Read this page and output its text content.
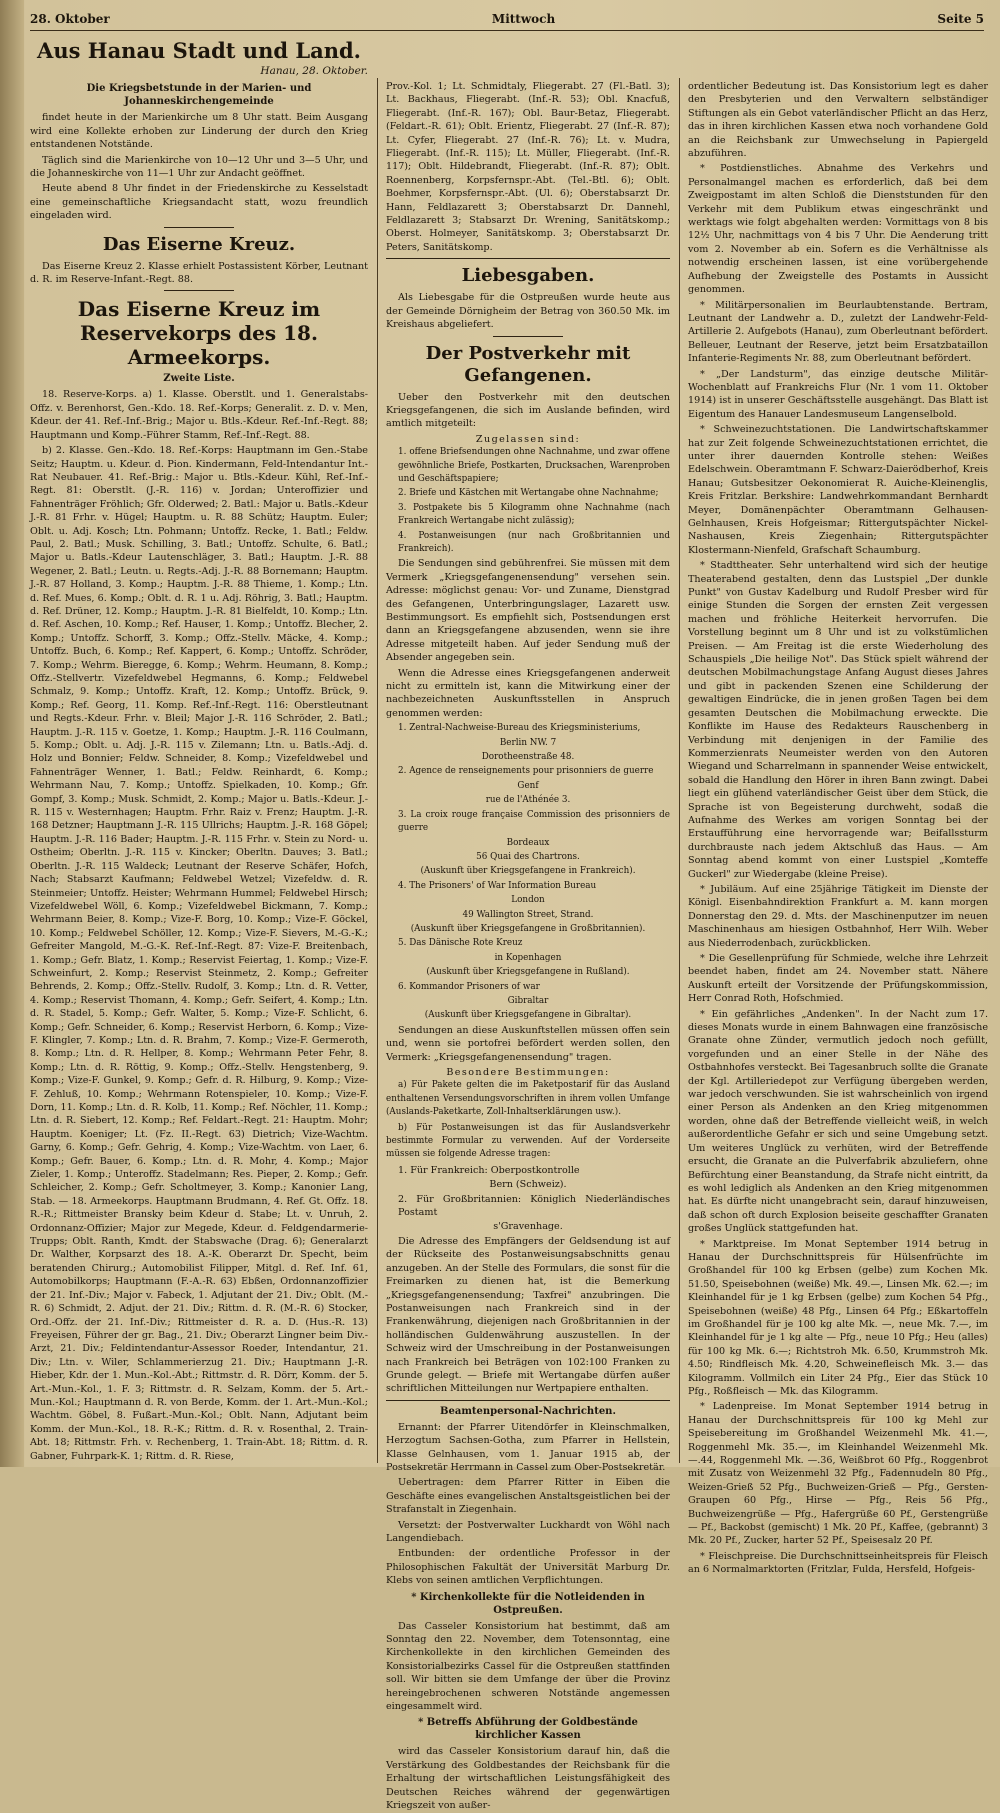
28. Oktober	Mittwoch	Seite 5
Aus Hanau Stadt und Land.
Hanau, 28. Oktober.
Die Kriegsbetstunde in der Marien- und Johanneskirchengemeinde

findet heute in der Marienkirche um 8 Uhr statt. Beim Ausgang wird eine Kollekte erhoben zur Linderung der durch den Krieg entstandenen Notstände.

Täglich sind die Marienkirche von 10—12 Uhr und 3—5 Uhr, und die Johanneskirche von 11—1 Uhr zur Andacht geöffnet.

Heute abend 8 Uhr findet in der Friedenskirche zu Kesselstadt eine gemeinschaftliche Kriegsandacht statt, wozu freundlich eingeladen wird.

Das Eiserne Kreuz.

Das Eiserne Kreuz 2. Klasse erhielt Postassistent Körber, Leutnant d. R. im Reserve-Infant.-Regt. 88.

Das Eiserne Kreuz im Reservekorps des 18. Armeekorps.
Zweite Liste.

18. Reserve-Korps. a) 1. Klasse. Oberstlt. und 1. Generalstabs-Offz. v. Berenhorst, Gen.-Kdo. 18. Ref.-Korps; Generalit. z. D. v. Men, Kdeur. der 41. Ref.-Inf.-Brig.; Major u. Btls.-Kdeur. Ref.-Inf.-Regt. 88; Hauptmann und Komp.-Führer Stamm, Ref.-Inf.-Regt. 88.

b) 2. Klasse. Gen.-Kdo. 18. Ref.-Korps: Hauptmann im Gen.-Stabe Seitz; Hauptm. u. Kdeur. d. Pion. Kindermann, Feld-Intendantur Int.-Rat Neubauer. 41. Ref.-Brig.: Major u. Btls.-Kdeur. Kühl, Ref.-Inf.-Regt. 81: Oberstlt. (J.-R. 116) v. Jordan; Unteroffizier und Fahnenträger Fröhlich; Gfr. Olderwed; 2. Batl.: Major u. Batls.-Kdeur J.-R. 81 Frhr. v. Hügel; Hauptm. u. R. 88 Schütz; Hauptm. Euler; Oblt. u. Adj. Kosch; Ltn. Pohmann; Untoffz. Recke, 1. Batl.; Feldw. Paul, 2. Batl.; Musk. Schilling, 3. Batl.; Untoffz. Schulte, 6. Batl.; Major u. Batls.-Kdeur Lautenschläger, 3. Batl.; Hauptm. J.-R. 88 Wegener, 2. Batl.; Leutn. u. Regts.-Adj. J.-R. 88 Bornemann; Hauptm. J.-R. 87 Holland, 3. Komp.; Hauptm. J.-R. 88 Thieme, 1. Komp.; Ltn. d. Ref. Mues, 6. Komp.; Oblt. d. R. 1 u. Adj. Röhrig, 3. Batl.; Hauptm. d. Ref. Drüner, 12. Komp.; Hauptm. J.-R. 81 Bielfeldt, 10. Komp.; Ltn. d. Ref. Aschen, 10. Komp.; Ref. Hauser, 1. Komp.; Untoffz. Blecher, 2. Komp.; Untoffz. Schorff, 3. Komp.; Offz.-Stellv. Mäcke, 4. Komp.; Untoffz. Buch, 6. Komp.; Ref. Kappert, 6. Komp.; Untoffz. Schröder, 7. Komp.; Wehrm. Bieregge, 6. Komp.; Wehrm. Heumann, 8. Komp.; Offz.-Stellvertr. Vizefeldwebel Hegmanns, 6. Komp.; Feldwebel Schmalz, 9. Komp.; Untoffz. Kraft, 12. Komp.; Untoffz. Brück, 9. Komp.; Ref. Georg, 11. Komp. Ref.-Inf.-Regt. 116: Oberstleutnant und Regts.-Kdeur. Frhr. v. Bleil; Major J.-R. 116 Schröder, 2. Batl.; Hauptm. J.-R. 115 v. Goetze, 1. Komp.; Hauptm. J.-R. 116 Coulmann, 5. Komp.; Oblt. u. Adj. J.-R. 115 v. Zilemann; Ltn. u. Batls.-Adj. d. Holz und Bonnier; Feldw. Schneider, 8. Komp.; Vizefeldwebel und Fahnenträger Wenner, 1. Batl.; Feldw. Reinhardt, 6. Komp.; Wehrmann Nau, 7. Komp.; Untoffz. Spielkaden, 10. Komp.; Gfr. Gompf, 3. Komp.; Musk. Schmidt, 2. Komp.; Major u. Batls.-Kdeur. J.-R. 115 v. Westernhagen; Hauptm. Frhr. Raiz v. Frenz; Hauptm. J.-R. 168 Detzner; Hauptmann J.-R. 115 Ullrichs; Hauptm. J.-R. 168 Göpel; Hauptm. J.-R. 116 Bader; Hauptm. J.-R. 115 Frhr. v. Stein zu Nord- u. Ostheim; Oberltn. J.-R. 115 v. Kincker; Oberltn. Dauves; 3. Batl.; Oberltn. J.-R. 115 Waldeck; Leutnant der Reserve Schäfer, Hofch, Nach; Stabsarzt Kaufmann; Feldwebel Wetzel; Vizefeldw. d. R. Steinmeier; Untoffz. Heister; Wehrmann Hummel; Feldwebel Hirsch; Vizefeldwebel Wöll, 6. Komp.; Vizefeldwebel Bickmann, 7. Komp.; Wehrmann Beier, 8. Komp.; Vize-F. Borg, 10. Komp.; Vize-F. Göckel, 10. Komp.; Feldwebel Schöller, 12. Komp.; Vize-F. Sievers, M.-G.-K.; Gefreiter Mangold, M.-G.-K. Ref.-Inf.-Regt. 87: Vize-F. Breitenbach, 1. Komp.; Gefr. Blatz, 1. Komp.; Reservist Feiertag, 1. Komp.; Vize-F. Schweinfurt, 2. Komp.; Reservist Steinmetz, 2. Komp.; Gefreiter Behrends, 2. Komp.; Offz.-Stellv. Rudolf, 3. Komp.; Ltn. d. R. Vetter, 4. Komp.; Reservist Thomann, 4. Komp.; Gefr. Seifert, 4. Komp.; Ltn. d. R. Stadel, 5. Komp.; Gefr. Walter, 5. Komp.; Vize-F. Schlicht, 6. Komp.; Gefr. Schneider, 6. Komp.; Reservist Herborn, 6. Komp.; Vize-F. Klingler, 7. Komp.; Ltn. d. R. Brahm, 7. Komp.; Vize-F. Germeroth, 8. Komp.; Ltn. d. R. Hellper, 8. Komp.; Wehrmann Peter Fehr, 8. Komp.; Ltn. d. R. Röttig, 9. Komp.; Offz.-Stellv. Hengstenberg, 9. Komp.; Vize-F. Gunkel, 9. Komp.; Gefr. d. R. Hilburg, 9. Komp.; Vize-F. Zehluß, 10. Komp.; Wehrmann Rotenspieler, 10. Komp.; Vize-F. Dorn, 11. Komp.; Ltn. d. R. Kolb, 11. Komp.; Ref. Nöchler, 11. Komp.; Ltn. d. R. Siebert, 12. Komp.; Ref. Feldart.-Regt. 21: Hauptm. Mohr; Hauptm. Koeniger; Lt. (Fz. II.-Regt. 63) Dietrich; Vize-Wachtm. Garny, 6. Komp.; Gefr. Gehrig, 4. Komp.; Vize-Wachtm. von Laer, 6. Komp.; Gefr. Bauer, 6. Komp.; Ltn. d. R. Mohr, 4. Komp.; Major Zieler, 1. Komp.; Unteroffz. Stadelmann; Res. Pieper, 2. Komp.; Gefr. Schleicher, 2. Komp.; Gefr. Scholtmeyer, 3. Komp.; Kanonier Lang, Stab. — 18. Armeekorps. Hauptmann Brudmann, 4. Ref. Gt. Offz. 18. R.-R.; Rittmeister Bransky beim Kdeur d. Stabe; Lt. v. Unruh, 2. Ordonnanz-Offizier; Major zur Megede, Kdeur. d. Feldgendarmerie-Trupps; Oblt. Ranth, Kmdt. der Stabswache (Drag. 6); Generalarzt Dr. Walther, Korpsarzt des 18. A.-K. Oberarzt Dr. Specht, beim beratenden Chirurg.; Automobilist Filipper, Mitgl. d. Ref. Inf. 61, Automobilkorps; Hauptmann (F.-A.-R. 63) Ebßen, Ordonnanzoffizier der 21. Inf.-Div.; Major v. Fabeck, 1. Adjutant der 21. Div.; Oblt. (M.-R. 6) Schmidt, 2. Adjut. der 21. Div.; Rittm. d. R. (M.-R. 6) Stocker, Ord.-Offz. der 21. Inf.-Div.; Rittmeister d. R. a. D. (Hus.-R. 13) Freyeisen, Führer der gr. Bag., 21. Div.; Oberarzt Lingner beim Div.-Arzt, 21. Div.; Feldintendantur-Assessor Roeder, Intendantur, 21. Div.; Ltn. v. Wiler, Schlammerierzug 21. Div.; Hauptmann J.-R. Hieber, Kdr. der 1. Mun.-Kol.-Abt.; Rittmstr. d. R. Dörr, Komm. der 5. Art.-Mun.-Kol., 1. F. 3; Rittmstr. d. R. Selzam, Komm. der 5. Art.-Mun.-Kol.; Hauptmann d. R. von Berde, Komm. der 1. Art.-Mun.-Kol.; Wachtm. Göbel, 8. Fußart.-Mun.-Kol.; Oblt. Nann, Adjutant beim Komm. der Mun.-Kol., 18. R.-K.; Rittm. d. R. v. Rosenthal, 2. Train-Abt. 18; Rittmstr. Frh. v. Rechenberg, 1. Train-Abt. 18; Rittm. d. R. Gabner, Fuhrpark-K. 1; Rittm. d. R. Riese,

Prov.-Kol. 1; Lt. Schmidtaly, Fliegerabt. 27 (Fl.-Batl. 3); Lt. Backhaus, Fliegerabt. (Inf.-R. 53); Obl. Knacfuß, Fliegerabt. (Inf.-R. 167); Obl. Baur-Betaz, Fliegerabt. (Feldart.-R. 61); Oblt. Erientz, Fliegerabt. 27 (Inf.-R. 87); Lt. Cyfer, Fliegerabt. 27 (Inf.-R. 76); Lt. v. Mudra, Fliegerabt. (Inf.-R. 115); Lt. Müller, Fliegerabt. (Inf.-R. 117); Oblt. Hildebrandt, Fliegerabt. (Inf.-R. 87); Oblt. Roennenberg, Korpsfernspr.-Abt. (Tel.-Btl. 6); Oblt. Boehmer, Korpsfernspr.-Abt. (Ul. 6); Oberstabsarzt Dr. Hann, Feldlazarett 3; Oberstabsarzt Dr. Dannehl, Feldlazarett 3; Stabsarzt Dr. Wrening, Sanitätskomp.; Oberst. Holmeyer, Sanitätskomp. 3; Oberstabsarzt Dr. Peters, Sanitätskomp.

Liebesgaben.

Als Liebesgabe für die Ostpreußen wurde heute aus der Gemeinde Dörnigheim der Betrag von 360.50 Mk. im Kreishaus abgeliefert.

Der Postverkehr mit Gefangenen.

Ueber den Postverkehr mit den deutschen Kriegsgefangenen, die sich im Auslande befinden, wird amtlich mitgeteilt:

Zugelassen sind:

1. offene Briefsendungen ohne Nachnahme, und zwar offene gewöhnliche Briefe, Postkarten, Drucksachen, Warenproben und Geschäftspapiere;

2. Briefe und Kästchen mit Wertangabe ohne Nachnahme;

3. Postpakete bis 5 Kilogramm ohne Nachnahme (nach Frankreich Wertangabe nicht zulässig);

4. Postanweisungen (nur nach Großbritannien und Frankreich).

Die Sendungen sind gebührenfrei. Sie müssen mit dem Vermerk „Kriegsgefangenensendung" versehen sein. Adresse: möglichst genau: Vor- und Zuname, Dienstgrad des Gefangenen, Unterbringungslager, Lazarett usw. Bestimmungsort. Es empfiehlt sich, Postsendungen erst dann an Kriegsgefangene abzusenden, wenn sie ihre Adresse mitgeteilt haben. Auf jeder Sendung muß der Absender angegeben sein.

Wenn die Adresse eines Kriegsgefangenen anderweit nicht zu ermitteln ist, kann die Mitwirkung einer der nachbezeichneten Auskunftsstellen in Anspruch genommen werden:

1. Zentral-Nachweise-Bureau des Kriegsministeriums,

Berlin NW. 7

Dorotheenstraße 48.

2. Agence de renseignements pour prisonniers de guerre

Genf

rue de l'Athénée 3.

3. La croix rouge française Commission des prisonniers de guerre

Bordeaux

56 Quai des Chartrons.

(Auskunft über Kriegsgefangene in Frankreich).

4. The Prisoners' of War Information Bureau

London

49 Wallington Street, Strand.

(Auskunft über Kriegsgefangene in Großbritannien).

5. Das Dänische Rote Kreuz

in Kopenhagen

(Auskunft über Kriegsgefangene in Rußland).

6. Kommandor Prisoners of war

Gibraltar

(Auskunft über Kriegsgefangene in Gibraltar).

Sendungen an diese Auskunftstellen müssen offen sein und, wenn sie portofrei befördert werden sollen, den Vermerk: „Kriegsgefangenensendung" tragen.

Besondere Bestimmungen:

a) Für Pakete gelten die im Paketpostarif für das Ausland enthaltenen Versendungsvorschriften in ihrem vollen Umfange (Auslands-Paketkarte, Zoll-Inhaltserklärungen usw.).

b) Für Postanweisungen ist das für Auslandsverkehr bestimmte Formular zu verwenden. Auf der Vorderseite müssen sie folgende Adresse tragen:

1. Für Frankreich: Oberpostkontrolle

Bern (Schweiz).

2. Für Großbritannien: Königlich Niederländisches Postamt

s'Gravenhage.

Die Adresse des Empfängers der Geldsendung ist auf der Rückseite des Postanweisungsabschnitts genau anzugeben. An der Stelle des Formulars, die sonst für die Freimarken zu dienen hat, ist die Bemerkung „Kriegsgefangenensendung; Taxfrei" anzubringen. Die Postanweisungen nach Frankreich sind in der Frankenwährung, diejenigen nach Großbritannien in der holländischen Guldenwährung auszustellen. In der Schweiz wird der Umschreibung in der Postanweisungen nach Frankreich bei Beträgen von 102:100 Franken zu Grunde gelegt. — Briefe mit Wertangabe dürfen außer schriftlichen Mitteilungen nur Wertpapiere enthalten.

Beamtenpersonal-Nachrichten.

Ernannt: der Pfarrer Uitendörfer in Kleinschmalken, Herzogtum Sachsen-Gotha, zum Pfarrer in Hellstein, Klasse Gelnhausen, vom 1. Januar 1915 ab, der Postsekretär Herrmann in Cassel zum Ober-Postsekretär.

Uebertragen: dem Pfarrer Ritter in Eiben die Geschäfte eines evangelischen Anstaltsgeistlichen bei der Strafanstalt in Ziegenhain.

Versetzt: der Postverwalter Luckhardt von Wöhl nach Langendiebach.

Entbunden: der ordentliche Professor in der Philosophischen Fakultät der Universität Marburg Dr. Klebs von seinen amtlichen Verpflichtungen.

* Kirchenkollekte für die Notleidenden in Ostpreußen.

Das Casseler Konsistorium hat bestimmt, daß am Sonntag den 22. November, dem Totensonntag, eine Kirchenkollekte in den kirchlichen Gemeinden des Konsistorialbezirks Cassel für die Ostpreußen stattfinden soll. Wir bitten sie dem Umfange der über die Provinz hereingebrochenen schweren Notstände angemessen eingesammelt wird.

* Betreffs Abführung der Goldbestände kirchlicher Kassen

wird das Casseler Konsistorium darauf hin, daß die Verstärkung des Goldbestandes der Reichsbank für die Erhaltung der wirtschaftlichen Leistungsfähigkeit des Deutschen Reiches während der gegenwärtigen Kriegszeit von außer-

ordentlicher Bedeutung ist. Das Konsistorium legt es daher den Presbyterien und den Verwaltern selbständiger Stiftungen als ein Gebot vaterländischer Pflicht an das Herz, das in ihren kirchlichen Kassen etwa noch vorhandene Gold an die Reichsbank zur Umwechselung in Papiergeld abzuführen.

* Postdienstliches. Abnahme des Verkehrs und Personalmangel machen es erforderlich, daß bei dem Zweigpostamt im alten Schloß die Dienststunden für den Verkehr mit dem Publikum etwas eingeschränkt und werktags wie folgt abgehalten werden: Vormittags von 8 bis 12½ Uhr, nachmittags von 4 bis 7 Uhr. Die Aenderung tritt vom 2. November ab ein. Sofern es die Verhältnisse als notwendig erscheinen lassen, ist eine vorübergehende Aufhebung der Zweigstelle des Postamts in Aussicht genommen.

* Militärpersonalien im Beurlaubtenstande. Bertram, Leutnant der Landwehr a. D., zuletzt der Landwehr-Feld-Artillerie 2. Aufgebots (Hanau), zum Oberleutnant befördert. Belleuer, Leutnant der Reserve, jetzt beim Ersatzbataillon Infanterie-Regiments Nr. 88, zum Oberleutnant befördert.

* „Der Landsturm", das einzige deutsche Militär-Wochenblatt auf Frankreichs Flur (Nr. 1 vom 11. Oktober 1914) ist in unserer Geschäftsstelle ausgehängt. Das Blatt ist Eigentum des Hanauer Landesmuseum Langenselbold.

* Schweinezuchtstationen. Die Landwirtschaftskammer hat zur Zeit folgende Schweinezuchtstationen errichtet, die unter ihrer dauernden Kontrolle stehen: Weißes Edelschwein. Oberamtmann F. Schwarz-Daierödberhof, Kreis Hanau; Gutsbesitzer Oekonomierat R. Auiche-Kleinenglis, Kreis Fritzlar. Berkshire: Landwehrkommandant Bernhardt Meyer, Domänenpächter Oberamtmann Gelhausen-Gelnhausen, Kreis Hofgeismar; Rittergutspächter Nickel-Nashausen, Kreis Ziegenhain; Rittergutspächter Klostermann-Nienfeld, Grafschaft Schaumburg.

* Stadttheater. Sehr unterhaltend wird sich der heutige Theaterabend gestalten, denn das Lustspiel „Der dunkle Punkt" von Gustav Kadelburg und Rudolf Presber wird für einige Stunden die Sorgen der ernsten Zeit vergessen machen und fröhliche Heiterkeit hervorrufen. Die Vorstellung beginnt um 8 Uhr und ist zu volkstümlichen Preisen. — Am Freitag ist die erste Wiederholung des Schauspiels „Die heilige Not". Das Stück spielt während der deutschen Mobilmachungstage Anfang August dieses Jahres und gibt in packenden Szenen eine Schilderung der gewaltigen Eindrücke, die in jenen großen Tagen bei dem gesamten Deutschen die Mobilmachung erweckte. Die Konflikte im Hause des Redakteurs Rauschenberg in Verbindung mit denjenigen in der Familie des Kommerzienrats Neumeister werden von den Autoren Wiegand und Scharrelmann in spannender Weise entwickelt, sobald die Handlung den Hörer in ihren Bann zwingt. Dabei liegt ein glühend vaterländischer Geist über dem Stück, die Sprache ist von Begeisterung durchweht, sodaß die Aufnahme des Werkes am vorigen Sonntag bei der Erstaufführung eine hervorragende war; Beifallssturm durchbrauste nach jedem Aktschluß das Haus. — Am Sonntag abend kommt von einer Lustspiel „Komteffe Guckerl" zur Wiedergabe (kleine Preise).

* Jubiläum. Auf eine 25jährige Tätigkeit im Dienste der Königl. Eisenbahndirektion Frankfurt a. M. kann morgen Donnerstag den 29. d. Mts. der Maschinenputzer im neuen Maschinenhaus am hiesigen Ostbahnhof, Herr Wilh. Weber aus Niederrodenbach, zurückblicken.

* Die Gesellenprüfung für Schmiede, welche ihre Lehrzeit beendet haben, findet am 24. November statt. Nähere Auskunft erteilt der Vorsitzende der Prüfungskommission, Herr Conrad Roth, Hofschmied.

* Ein gefährliches „Andenken". In der Nacht zum 17. dieses Monats wurde in einem Bahnwagen eine französische Granate ohne Zünder, vermutlich jedoch noch gefüllt, vorgefunden und an einer Stelle in der Nähe des Ostbahnhofes versteckt. Bei Tagesanbruch sollte die Granate der Kgl. Artilleriedepot zur Verfügung übergeben werden, war jedoch verschwunden. Sie ist wahrscheinlich von irgend einer Person als Andenken an den Krieg mitgenommen worden, ohne daß der Betreffende vielleicht weiß, in welch außerordentliche Gefahr er sich und seine Umgebung setzt. Um weiteres Unglück zu verhüten, wird der Betreffende ersucht, die Granate an die Pulverfabrik abzuliefern, ohne Befürchtung einer Beanstandung, da Strafe nicht eintritt, da es wohl lediglich als Andenken an den Krieg mitgenommen hat. Es dürfte nicht unangebracht sein, darauf hinzuweisen, daß schon oft durch Explosion beiseite geschaffter Granaten großes Unglück stattgefunden hat.

* Marktpreise. Im Monat September 1914 betrug in Hanau der Durchschnittspreis für Hülsenfrüchte im Großhandel für 100 kg Erbsen (gelbe) zum Kochen Mk. 51.50, Speisebohnen (weiße) Mk. 49.—, Linsen Mk. 62.—; im Kleinhandel für je 1 kg Erbsen (gelbe) zum Kochen 54 Pfg., Speisebohnen (weiße) 48 Pfg., Linsen 64 Pfg.; Eßkartoffeln im Großhandel für je 100 kg alte Mk. —, neue Mk. 7.—, im Kleinhandel für je 1 kg alte — Pfg., neue 10 Pfg.; Heu (alles) für 100 kg Mk. 6.—; Richtstroh Mk. 6.50, Krummstroh Mk. 4.50; Rindfleisch Mk. 4.20, Schweinefleisch Mk. 3.— das Kilogramm. Vollmilch ein Liter 24 Pfg., Eier das Stück 10 Pfg., Roßfleisch — Mk. das Kilogramm.

* Ladenpreise. Im Monat September 1914 betrug in Hanau der Durchschnittspreis für 100 kg Mehl zur Speisebereitung im Großhandel Weizenmehl Mk. 41.—, Roggenmehl Mk. 35.—, im Kleinhandel Weizenmehl Mk. —.44, Roggenmehl Mk. —.36, Weißbrot 60 Pfg., Roggenbrot mit Zusatz von Weizenmehl 32 Pfg., Fadennudeln 80 Pfg., Weizen-Grieß 52 Pfg., Buchweizen-Grieß — Pfg., Gersten-Graupen 60 Pfg., Hirse — Pfg., Reis 56 Pfg., Buchweizengrüße — Pfg., Hafergrüße 60 Pf., Gerstengrüße — Pf., Backobst (gemischt) 1 Mk. 20 Pf., Kaffee, (gebrannt) 3 Mk. 20 Pf., Zucker, harter 52 Pf., Speisesalz 20 Pf.

* Fleischpreise. Die Durchschnittseinheitspreis für Fleisch an 6 Normalmarktorten (Fritzlar, Fulda, Hersfeld, Hofgeis-
